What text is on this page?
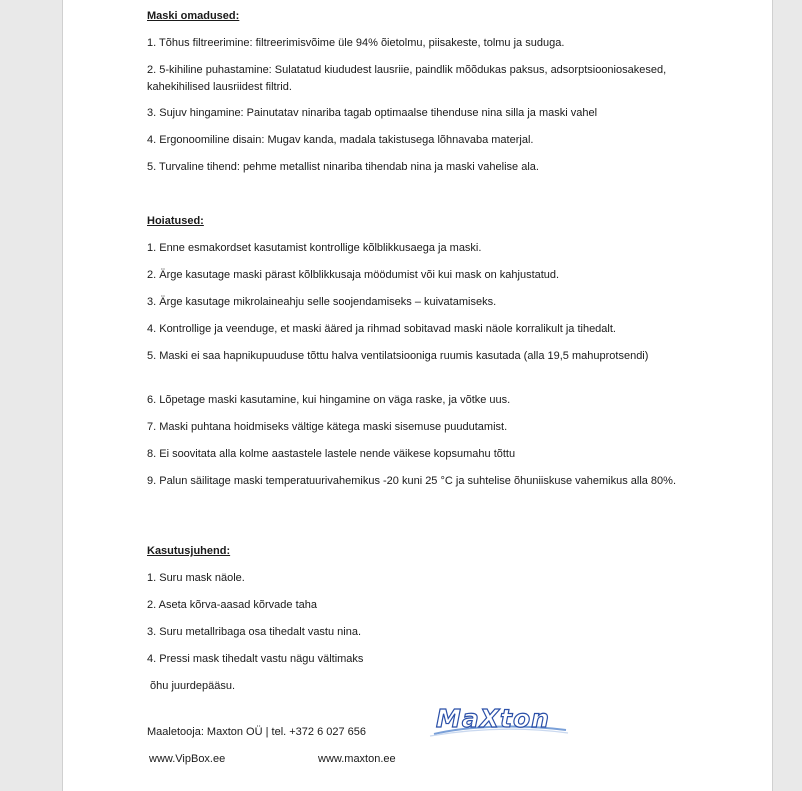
Maski omadused:
1. Tõhus filtreerimine: filtreerimisvõime üle 94% õietolmu, piisakeste, tolmu ja suduga.
2. 5-kihiline puhastamine: Sulatatud kiududest lausriie, paindlik mõõdukas paksus, adsorptsiooniosakesed, kahekihilised lausriidest filtrid.
3. Sujuv hingamine: Painutatav ninariba tagab optimaalse tihenduse nina silla ja maski vahel
4. Ergonoomiline disain: Mugav kanda, madala takistusega lõhnavaba materjal.
5. Turvaline tihend: pehme metallist ninariba tihendab nina ja maski vahelise ala.
Hoiatused:
1. Enne esmakordset kasutamist kontrollige kõlblikkusaega ja maski.
2. Ärge kasutage maski pärast kõlblikkusaja möödumist või kui mask on kahjustatud.
3. Ärge kasutage mikrolaineahju selle soojendamiseks – kuivatamiseks.
4. Kontrollige ja veenduge, et maski ääred ja rihmad sobitavad maski näole korralikult ja tihedalt.
5. Maski ei saa hapnikupuuduse tõttu halva ventilatsiooniga ruumis kasutada (alla 19,5 mahuprotsendi)
6. Lõpetage maski kasutamine, kui hingamine on väga raske, ja võtke uus.
7. Maski puhtana hoidmiseks vältige kätega maski sisemuse puudutamist.
8. Ei soovitata alla kolme aastastele lastele nende väikese kopsumahu tõttu
9. Palun säilitage maski temperatuurivahemikus -20 kuni 25 °C ja suhtelise õhuniiskuse vahemikus alla 80%.
Kasutusjuhend:
1. Suru mask näole.
2. Aseta kõrva-aasad kõrvade taha
3. Suru metallribaga osa tihedalt vastu nina.
4. Pressi mask tihedalt vastu nägu vältimaks
õhu juurdepääsu.
Maaletooja: Maxton OÜ | tel. +372 6 027 656
www.VipBox.ee	www.maxton.ee
MaXton
